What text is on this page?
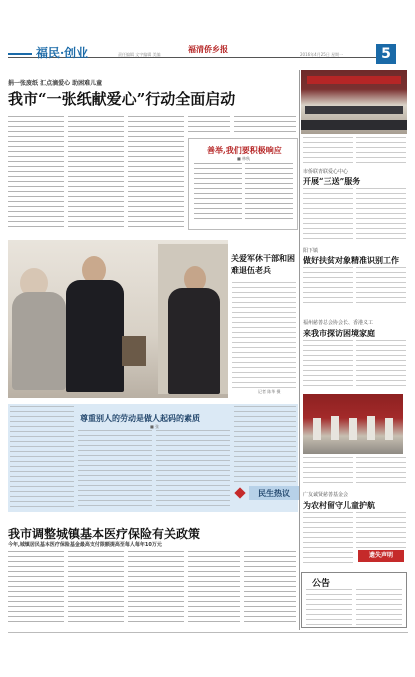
福民·创业	责任编辑 文字编辑 美编
福清侨乡报
2016年4月25日 星期一	5
捐一张废纸 汇点滴爱心 助困难儿童
我市“一张纸献爱心”行动全面启动
善举,我们要积极响应
■ 林秋
关爱军休干部和困难退伍老兵
记者 陈华 摄
尊重别人的劳动是做人起码的素质
■ 张
民生热议
我市调整城镇基本医疗保险有关政策
今年,城镇居民基本医疗保险基金最高支付限额提高至每人每年10万元
市侨联青联爱心中心
开展“三送”服务
阳下镇
做好扶贫对象精准识别工作
福州慈善总会协会长、香港义工
来我市探访困境家庭
广友诚贤慈善基金会
为农村留守儿童护航
遗失声明
公告
